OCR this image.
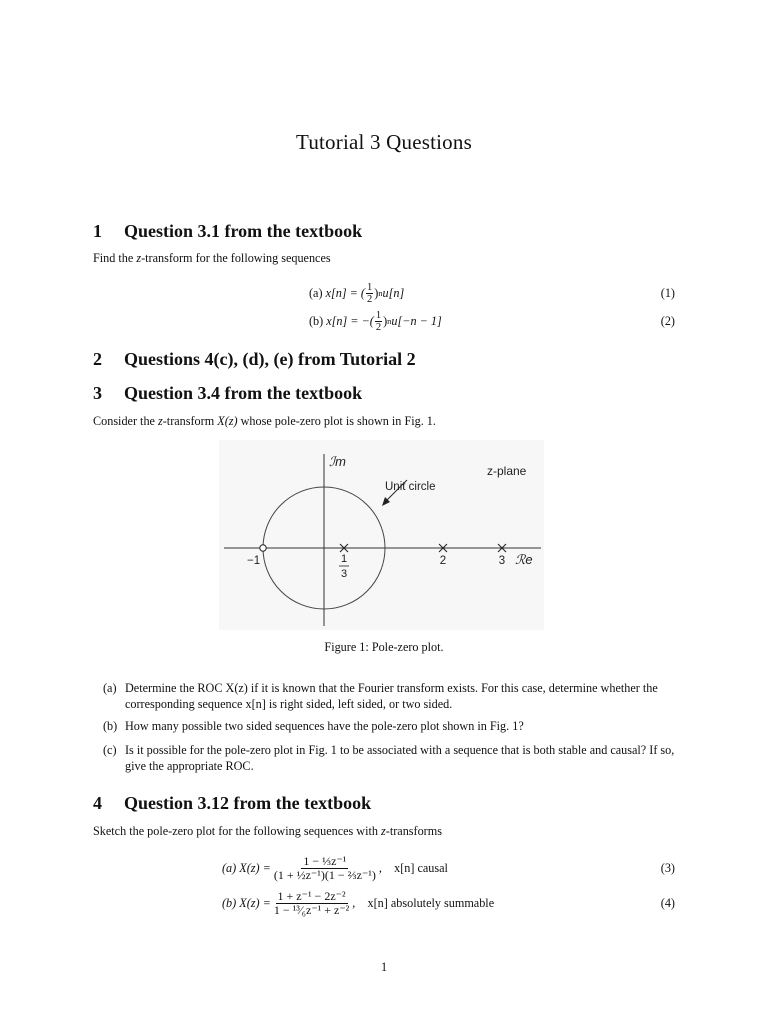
Tutorial 3 Questions
1 Question 3.1 from the textbook
Find the z-transform for the following sequences
(a)
x[n] = ( $\frac{1}{2}$ ) n u[n]	(1)
(b)
x[n] = −( $\frac{1}{2}$ ) n u[−n − 1]	(2)
2 Questions 4(c), (d), (e) from Tutorial 2
3 Question 3.4 from the textbook
Consider the z-transform X(z) whose pole-zero plot is shown in Fig. 1.
ℐm
z-plane
Unit circle
−1	1
3
2	3 ℛe
Figure 1: Pole-zero plot.
(a) Determine the ROC X(z) if it is known that the Fourier transform exists. For this case, determine whether the corresponding sequence x[n] is right sided, left sided, or two sided.
(b) How many possible two sided sequences have the pole-zero plot shown in Fig. 1?
(c) Is it possible for the pole-zero plot in Fig. 1 to be associated with a sequence that is both stable and causal? If so, give the appropriate ROC.
4 Question 3.12 from the textbook
Sketch the pole-zero plot for the following sequences with z-transforms
(a) $X(z) = \frac{\text{1 − ⅓z⁻¹}}{\text{(1 + ½z⁻¹)(1 − ⅔z⁻¹)}}$ ,    x[n] causal	(3)
(b) $X(z) = \frac{\text{1 + z⁻¹ − 2z⁻²}}{\text{1 − ¹³⁄₆z⁻¹ + z⁻²}}$ ,    x[n] absolutely summable	(4)
1
